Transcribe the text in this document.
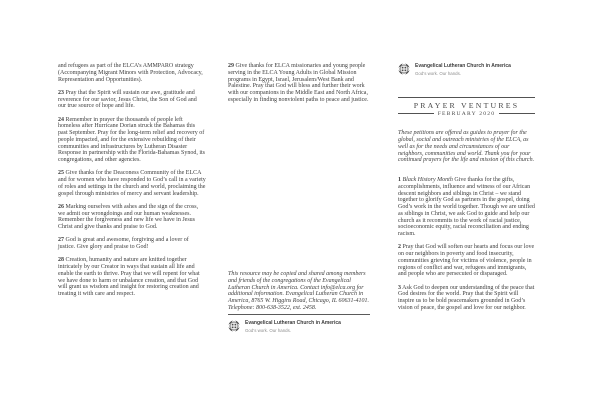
and refugees as part of the ELCA’s AMMPARO strategy (Accompanying Migrant Minors with Protection, Advocacy, Representation and Opportunities).

23 Pray that the Spirit will sustain our awe, gratitude and reverence for our savior, Jesus Christ, the Son of God and our true source of hope and life.

24 Remember in prayer the thousands of people left homeless after Hurricane Dorian struck the Bahamas this past September. Pray for the long-term relief and recovery of people impacted, and for the extensive rebuilding of their communities and infrastructures by Lutheran Disaster Response in partnership with the Florida-Bahamas Synod, its congregations, and other agencies.

25 Give thanks for the Deaconess Community of the ELCA and for women who have responded to God’s call in a variety of roles and settings in the church and world, proclaiming the gospel through ministries of mercy and servant leadership.

26 Marking ourselves with ashes and the sign of the cross, we admit our wrongdoings and our human weaknesses. Remember the forgiveness and new life we have in Jesus Christ and give thanks and praise to God.

27 God is great and awesome, forgiving and a lover of justice. Give glory and praise to God!

28 Creation, humanity and nature are knitted together intricately by our Creator in ways that sustain all life and enable the earth to thrive. Pray that we will repent for what we have done to harm or unbalance creation, and that God will grant us wisdom and insight for restoring creation and treating it with care and respect.

29 Give thanks for ELCA missionaries and young people serving in the ELCA Young Adults in Global Mission programs in Egypt, Israel, Jerusalem/West Bank and Palestine. Pray that God will bless and further their work with our companions in the Middle East and North Africa, especially in finding nonviolent paths to peace and justice.

This resource may be copied and shared among members and friends of the congregations of the Evangelical Lutheran Church in America. Contact info@elca.org for additional information. Evangelical Lutheran Church in America, 8765 W. Higgins Road, Chicago, IL 60631-4101. Telephone: 800-638-3522, ext. 2458.
Evangelical Lutheran Church in America
God’s work. Our hands.
Evangelical Lutheran Church in America
God’s work. Our hands.
PRAYER VENTURES
FEBRUARY 2020

These petitions are offered as guides to prayer for the global, social and outreach ministries of the ELCA, as well as for the needs and circumstances of our neighbors, communities and world. Thank you for your continued prayers for the life and mission of this church.

1 Black History Month Give thanks for the gifts, accomplishments, influence and witness of our African descent neighbors and siblings in Christ – we stand together to glorify God as partners in the gospel, doing God’s work in the world together. Though we are unified as siblings in Christ, we ask God to guide and help our church as it recommits to the work of racial justice, socioeconomic equity, racial reconciliation and ending racism.

2 Pray that God will soften our hearts and focus our love on our neighbors in poverty and food insecurity, communities grieving for victims of violence, people in regions of conflict and war, refugees and immigrants, and people who are persecuted or disparaged.

3 Ask God to deepen our understanding of the peace that God desires for the world. Pray that the Spirit will inspire us to be bold peacemakers grounded in God’s vision of peace, the gospel and love for our neighbor.
